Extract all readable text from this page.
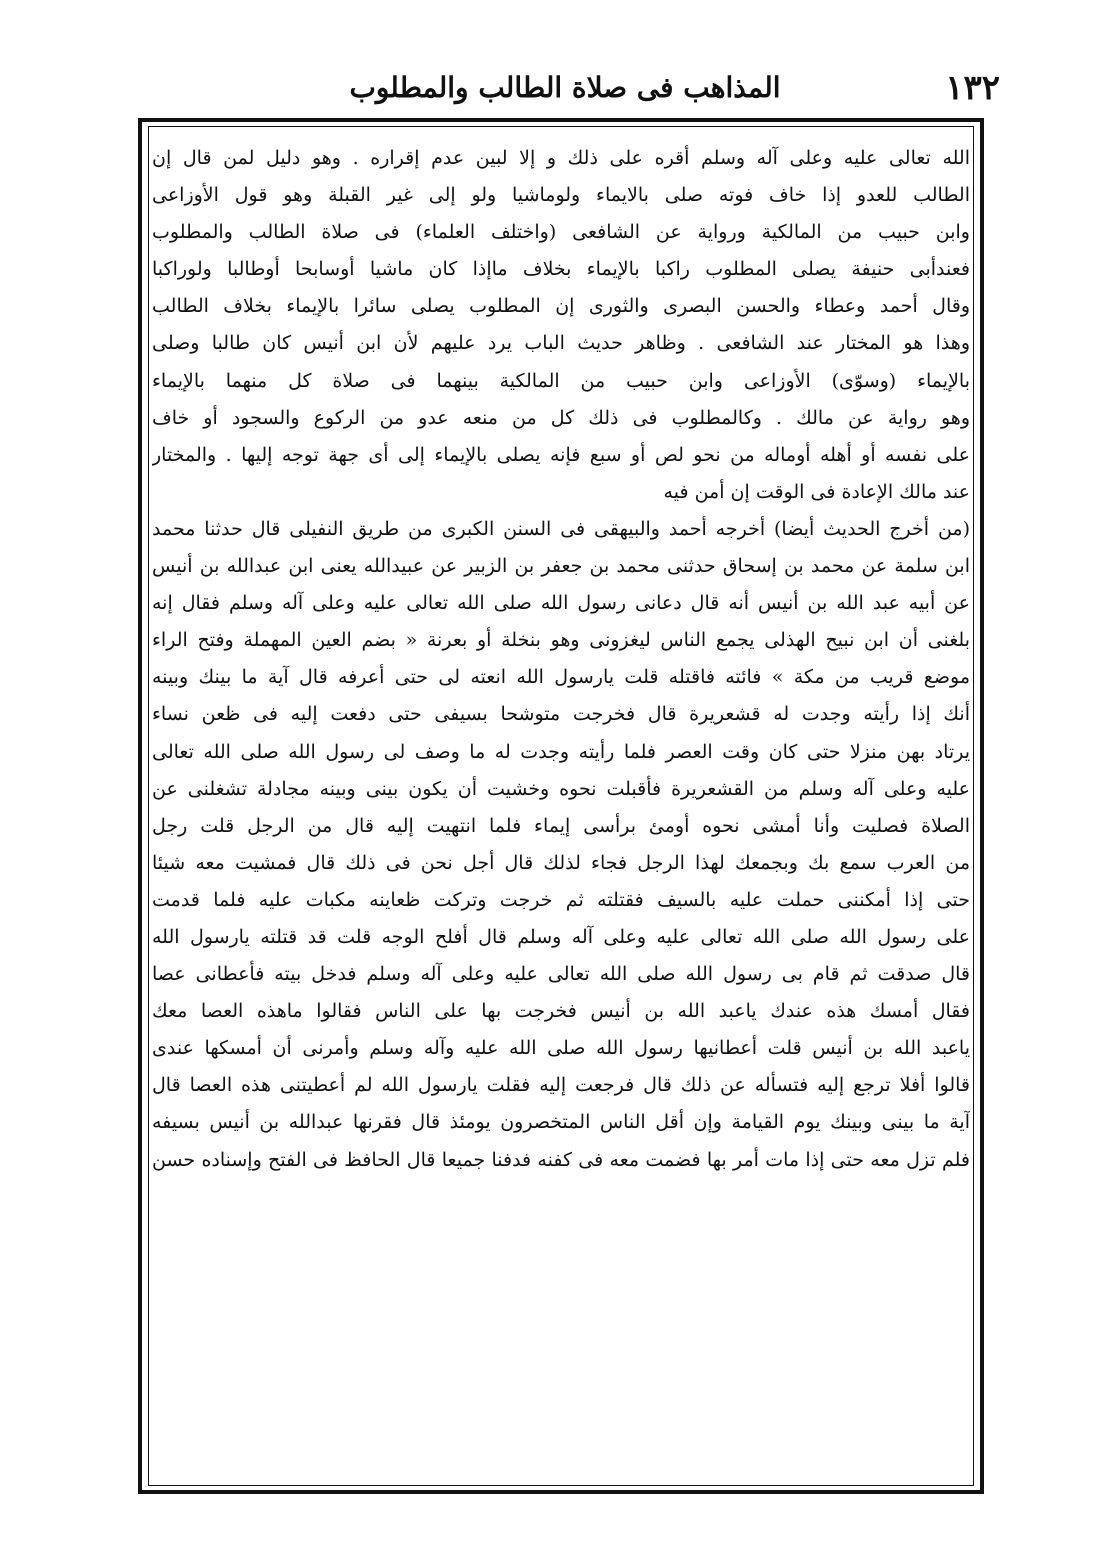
١٣٢
المذاهب فى صلاة الطالب والمطلوب
الله تعالى عليه وعلى آله وسلم أقره على ذلك و إلا لبين عدم إقراره . وهو دليل لمن قال إن
الطالب للعدو إذا خاف فوته صلى بالايماء ولوماشيا ولو إلى غير القبلة وهو قول الأوزاعى
وابن حبيب من المالكية ورواية عن الشافعى (واختلف العلماء) فى صلاة الطالب والمطلوب
فعندأبى حنيفة يصلى المطلوب راكبا بالإيماء بخلاف ماإذا كان ماشيا أوسابحا أوطالبا ولوراكبا
وقال أحمد وعطاء والحسن البصرى والثورى إن المطلوب يصلى سائرا بالإيماء بخلاف الطالب
وهذا هو المختار عند الشافعى . وظاهر حديث الباب يرد عليهم لأن ابن أنيس كان طالبا وصلى
بالإيماء (وسوّى) الأوزاعى وابن حبيب من المالكية بينهما فى صلاة كل منهما بالإيماء
وهو رواية عن مالك . وكالمطلوب فى ذلك كل من منعه عدو من الركوع والسجود أو خاف
على نفسه أو أهله أوماله من نحو لص أو سبع فإنه يصلى بالإيماء إلى أى جهة توجه إليها . والمختار
عند مالك الإعادة فى الوقت إن أمن فيه
(من أخرج الحديث أيضا) أخرجه أحمد والبيهقى فى السنن الكبرى من طريق النفيلى قال حدثنا محمد
ابن سلمة عن محمد بن إسحاق حدثنى محمد بن جعفر بن الزبير عن عبيدالله يعنى ابن عبدالله بن أنيس
عن أبيه عبد الله بن أنيس أنه قال دعانى رسول الله صلى الله تعالى عليه وعلى آله وسلم فقال إنه
بلغنى أن ابن نبيح الهذلى يجمع الناس ليغزونى وهو بنخلة أو بعرنة « بضم العين المهملة وفتح الراء
موضع قريب من مكة » فائته فاقتله قلت يارسول الله انعته لى حتى أعرفه قال آية ما بينك وبينه
أنك إذا رأيته وجدت له قشعريرة قال فخرجت متوشحا بسيفى حتى دفعت إليه فى ظعن نساء
يرتاد بهن منزلا حتى كان وقت العصر فلما رأيته وجدت له ما وصف لى رسول الله صلى الله تعالى
عليه وعلى آله وسلم من القشعريرة فأقبلت نحوه وخشيت أن يكون بينى وبينه مجادلة تشغلنى عن
الصلاة فصليت وأنا أمشى نحوه أومئ برأسى إيماء فلما انتهيت إليه قال من الرجل قلت رجل
من العرب سمع بك وبجمعك لهذا الرجل فجاء لذلك قال أجل نحن فى ذلك قال فمشيت معه شيئا
حتى إذا أمكننى حملت عليه بالسيف فقتلته ثم خرجت وتركت ظعاينه مكبات عليه فلما قدمت
على رسول الله صلى الله تعالى عليه وعلى آله وسلم قال أفلح الوجه قلت قد قتلته يارسول الله
قال صدقت ثم قام بى رسول الله صلى الله تعالى عليه وعلى آله وسلم فدخل بيته فأعطانى عصا
فقال أمسك هذه عندك ياعبد الله بن أنيس فخرجت بها على الناس فقالوا ماهذه العصا معك
ياعبد الله بن أنيس قلت أعطانيها رسول الله صلى الله عليه وآله وسلم وأمرنى أن أمسكها عندى
قالوا أفلا ترجع إليه فتسأله عن ذلك قال فرجعت إليه فقلت يارسول الله لم أعطيتنى هذه العصا قال
آية ما بينى وبينك يوم القيامة وإن أقل الناس المتخصرون يومئذ قال فقرنها عبدالله بن أنيس بسيفه
فلم تزل معه حتى إذا مات أمر بها فضمت معه فى كفنه فدفنا جميعا قال الحافظ فى الفتح وإسناده حسن
